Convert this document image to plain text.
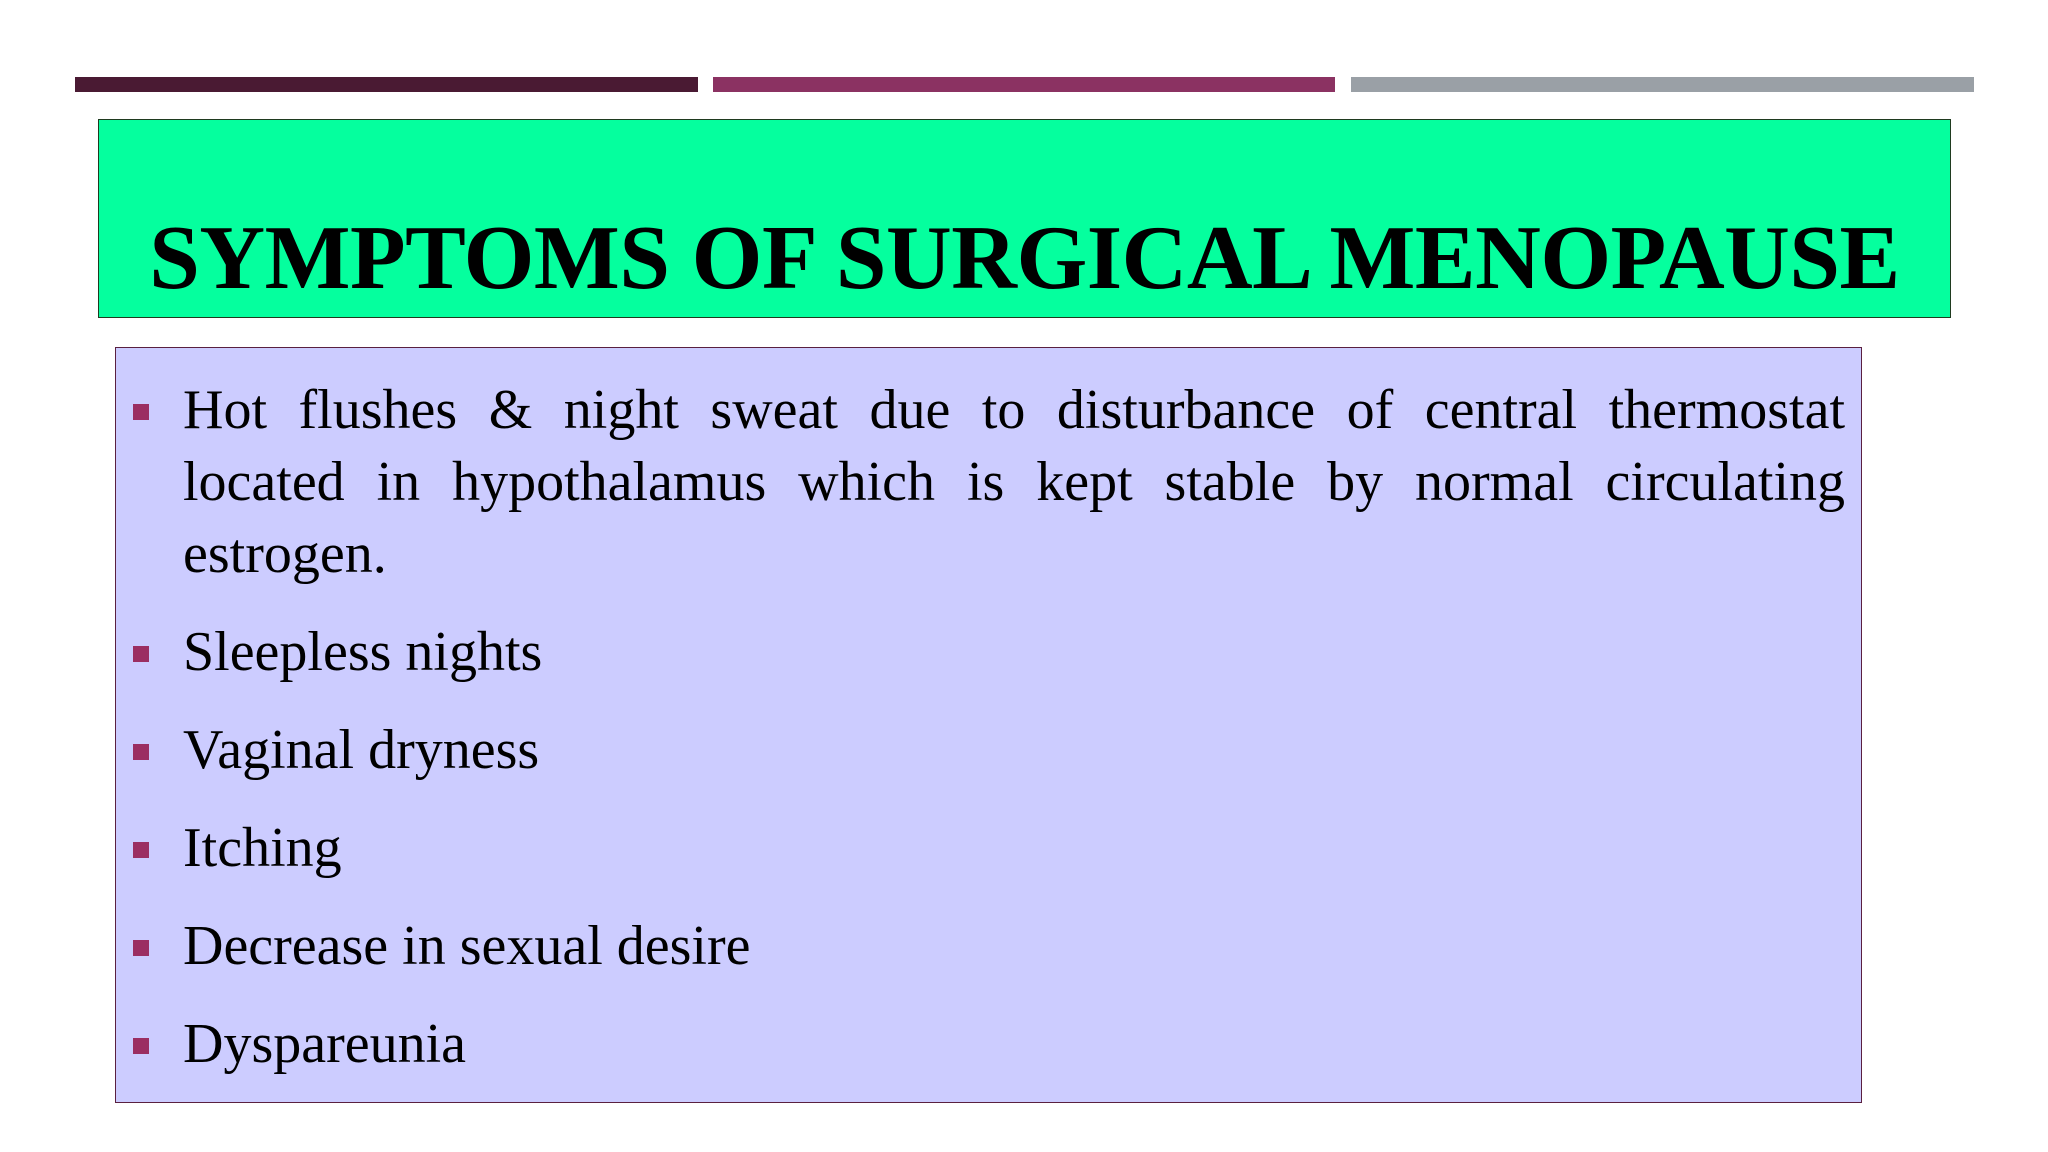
SYMPTOMS OF SURGICAL MENOPAUSE
Hot flushes & night sweat due to disturbance of central thermostat located in hypothalamus which is kept stable by normal circulating estrogen.
Sleepless nights
Vaginal dryness
Itching
Decrease in sexual desire
Dyspareunia
